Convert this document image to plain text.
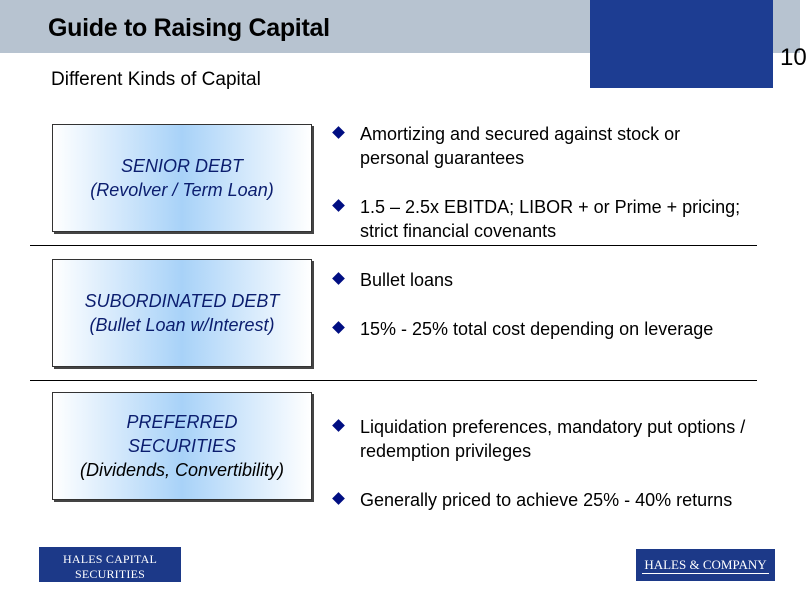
Guide to Raising Capital
10
Different Kinds of Capital
SENIOR DEBT
(Revolver / Term Loan)
Amortizing and secured against stock or personal guarantees
1.5 – 2.5x EBITDA; LIBOR + or Prime + pricing; strict financial covenants
SUBORDINATED DEBT
(Bullet Loan w/Interest)
Bullet loans
15% - 25% total cost depending on leverage
PREFERRED
SECURITIES
(Dividends, Convertibility)
Liquidation preferences, mandatory put options / redemption privileges
Generally priced to achieve 25% - 40% returns
HALES CAPITAL SECURITIES
MEMBER FINRA/SIPC
HALES & COMPANY
